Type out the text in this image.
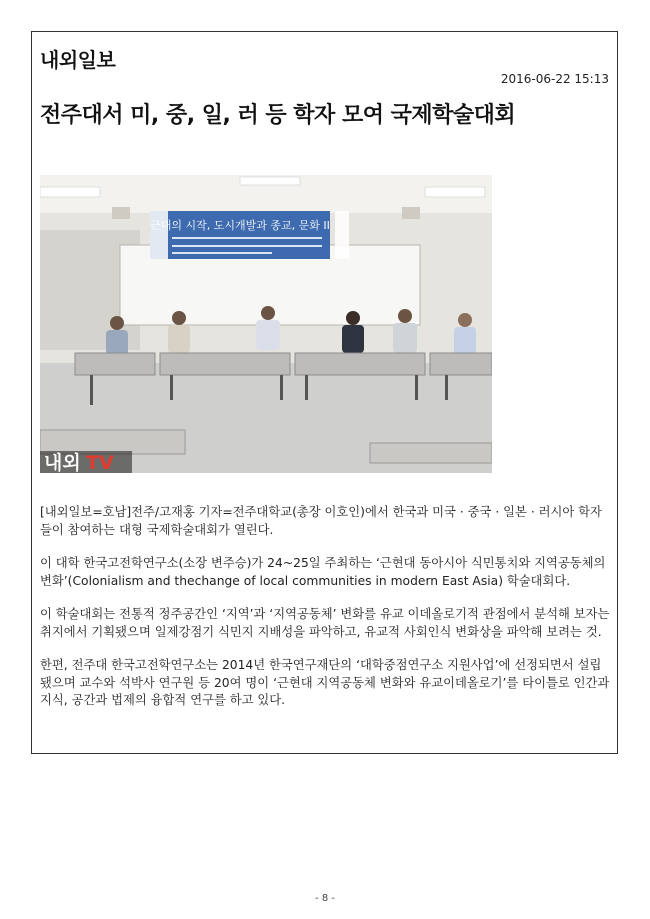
내외일보
2016-06-22 15:13
전주대서 미, 중, 일, 러 등 학자 모여 국제학술대회
근대의 시작, 도시개발과 종교, 문화 II
내외 TV

[내외일보=호남]전주/고재홍 기자=전주대학교(총장 이호인)에서 한국과 미국 · 중국 · 일본 · 러시아 학자들이 참여하는 대형 국제학술대회가 열린다.

이 대학 한국고전학연구소(소장 변주승)가 24~25일 주최하는 ‘근현대 동아시아 식민통치와 지역공동체의 변화’(Colonialism and thechange of local communities in modern East Asia) 학술대회다.

이 학술대회는 전통적 정주공간인 ‘지역’과 ‘지역공동체’ 변화를 유교 이데올로기적 관점에서 분석해 보자는 취지에서 기획됐으며 일제강점기 식민지 지배성을 파악하고, 유교적 사회인식 변화상을 파악해 보려는 것.

한편, 전주대 한국고전학연구소는 2014년 한국연구재단의 ‘대학중점연구소 지원사업’에 선정되면서 설립됐으며 교수와 석박사 연구원 등 20여 명이 ‘근현대 지역공동체 변화와 유교이데올로기’를 타이틀로 인간과 지식, 공간과 법제의 융합적 연구를 하고 있다.

- 8 -
